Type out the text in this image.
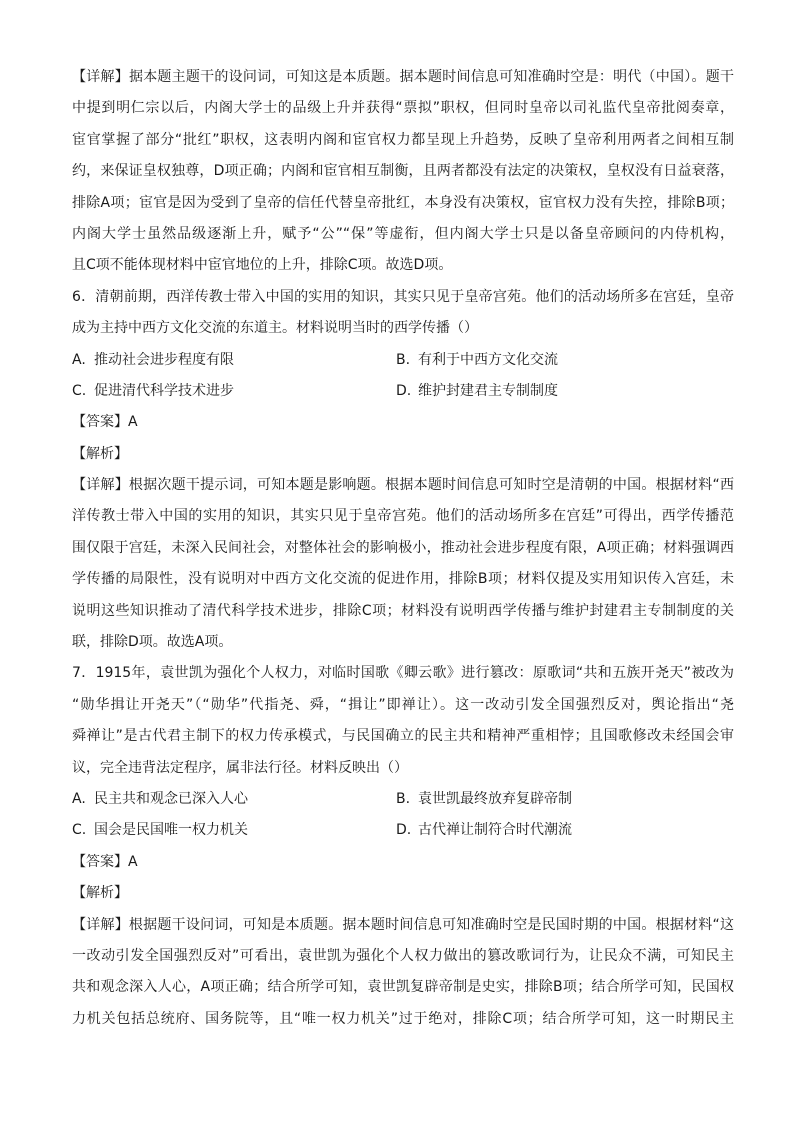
【详解】据本题主题干的设问词，可知这是本质题。据本题时间信息可知准确时空是：明代（中国）。题干
中提到明仁宗以后，内阁大学士的品级上升并获得“票拟”职权，但同时皇帝以司礼监代皇帝批阅奏章，
宦官掌握了部分“批红”职权，这表明内阁和宦官权力都呈现上升趋势，反映了皇帝利用两者之间相互制
约，来保证皇权独尊，D项正确；内阁和宦官相互制衡，且两者都没有法定的决策权，皇权没有日益衰落，
排除A项；宦官是因为受到了皇帝的信任代替皇帝批红，本身没有决策权，宦官权力没有失控，排除B项；
内阁大学士虽然品级逐渐上升，赋予“公”“保”等虚衔，但内阁大学士只是以备皇帝顾问的内侍机构，
且C项不能体现材料中宦官地位的上升，排除C项。故选D项。
6．清朝前期，西洋传教士带入中国的实用的知识，其实只见于皇帝宫苑。他们的活动场所多在宫廷，皇帝
成为主持中西方文化交流的东道主。材料说明当时的西学传播（）
A. 推动社会进步程度有限	B. 有利于中西方文化交流
C. 促进清代科学技术进步	D. 维护封建君主专制制度
【答案】A
【解析】
【详解】根据次题干提示词，可知本题是影响题。根据本题时间信息可知时空是清朝的中国。根据材料“西
洋传教士带入中国的实用的知识，其实只见于皇帝宫苑。他们的活动场所多在宫廷”可得出，西学传播范
围仅限于宫廷，未深入民间社会，对整体社会的影响极小，推动社会进步程度有限，A项正确；材料强调西
学传播的局限性，没有说明对中西方文化交流的促进作用，排除B项；材料仅提及实用知识传入宫廷，未
说明这些知识推动了清代科学技术进步，排除C项；材料没有说明西学传播与维护封建君主专制制度的关
联，排除D项。故选A项。
7．1915年，袁世凯为强化个人权力，对临时国歌《卿云歌》进行篡改：原歌词“共和五族开尧天”被改为
“勋华揖让开尧天”（“勋华”代指尧、舜，“揖让”即禅让）。这一改动引发全国强烈反对，舆论指出“尧
舜禅让”是古代君主制下的权力传承模式，与民国确立的民主共和精神严重相悖；且国歌修改未经国会审
议，完全违背法定程序，属非法行径。材料反映出（）
A. 民主共和观念已深入人心	B. 袁世凯最终放弃复辟帝制
C. 国会是民国唯一权力机关	D. 古代禅让制符合时代潮流
【答案】A
【解析】
【详解】根据题干设问词，可知是本质题。据本题时间信息可知准确时空是民国时期的中国。根据材料“这
一改动引发全国强烈反对”可看出，袁世凯为强化个人权力做出的篡改歌词行为，让民众不满，可知民主
共和观念深入人心，A项正确；结合所学可知，袁世凯复辟帝制是史实，排除B项；结合所学可知，民国权
力机关包括总统府、国务院等，且“唯一权力机关”过于绝对，排除C项；结合所学可知，这一时期民主
